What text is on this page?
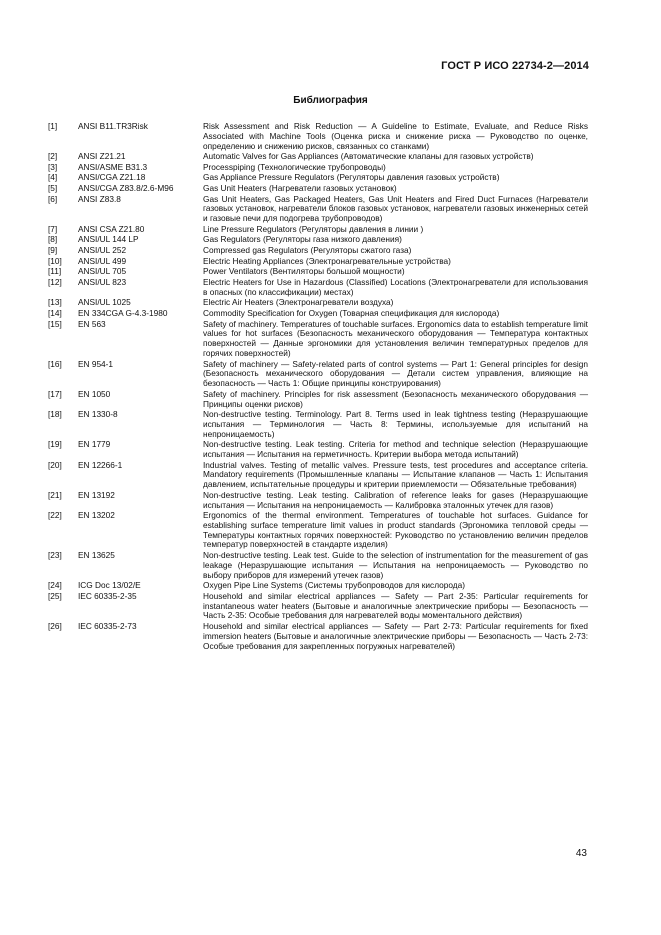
ГОСТ Р ИСО 22734-2—2014
Библиография
[1]	ANSI B11.TR3Risk	Risk Assessment and Risk Reduction — A Guideline to Estimate, Evaluate, and Reduce Risks Associated with Machine Tools (Оценка риска и снижение риска — Руководство по оценке, определению и снижению рисков, связанных со станками)
[2]	ANSI Z21.21	Automatic Valves for Gas Appliances (Автоматические клапаны для газовых устройств)
[3]	ANSI/ASME B31.3	Processpiping (Технологические трубопроводы)
[4]	ANSI/CGA Z21.18	Gas Appliance Pressure Regulators (Регуляторы давления газовых устройств)
[5]	ANSI/CGA Z83.8/2.6-M96	Gas Unit Heaters (Нагреватели газовых установок)
[6]	ANSI Z83.8	Gas Unit Heaters, Gas Packaged Heaters, Gas Unit Heaters and Fired Duct Furnaces (Нагреватели газовых установок, нагреватели блоков газовых установок, нагреватели газовых инженерных сетей и газовые печи для подогрева трубопроводов)
[7]	ANSI CSA Z21.80	Line Pressure Regulators (Регуляторы давления в линии )
[8]	ANSI/UL 144 LP	Gas Regulators (Регуляторы газа низкого давления)
[9]	ANSI/UL 252	Compressed gas Regulators (Регуляторы сжатого газа)
[10] ANSI/UL 499	Electric Heating Appliances (Электронагревательные устройства)
[11] ANSI/UL 705	Power Ventilators (Вентиляторы большой мощности)
[12] ANSI/UL 823	Electric Heaters for Use in Hazardous (Classified) Locations (Электронагреватели для использования в опасных (по классификации) местах)
[13] ANSI/UL 1025	Electric Air Heaters (Электронагреватели воздуха)
[14] EN 334CGA G-4.3-1980	Commodity Specification for Oxygen (Товарная спецификация для кислорода)
[15] EN 563	Safety of machinery. Temperatures of touchable surfaces. Ergonomics data to establish temperature limit values for hot surfaces (Безопасность механического оборудования — Температура контактных поверхностей — Данные эргономики для установления величин температурных пределов для горячих поверхностей)
[16] EN 954-1	Safety of machinery — Safety-related parts of control systems — Part 1: General principles for design (Безопасность механического оборудования — Детали систем управления, влияющие на безопасность — Часть 1: Общие принципы конструирования)
[17] EN 1050	Safety of machinery. Principles for risk assessment (Безопасность механического оборудования — Принципы оценки рисков)
[18] EN 1330-8	Non-destructive testing. Terminology. Part 8. Terms used in leak tightness testing (Неразрушающие испытания — Терминология — Часть 8: Термины, используемые для испытаний на непроницаемость)
[19] EN 1779	Non-destructive testing. Leak testing. Criteria for method and technique selection (Неразрушающие испытания — Испытания на герметичность. Критерии выбора метода испытаний)
[20] EN 12266-1	Industrial valves. Testing of metallic valves. Pressure tests, test procedures and acceptance criteria. Mandatory requirements (Промышленные клапаны — Испытание клапанов — Часть 1: Испытания давлением, испытательные процедуры и критерии приемлемости — Обязательные требования)
[21] EN 13192	Non-destructive testing. Leak testing. Calibration of reference leaks for gases (Неразрушающие испытания — Испытания на непроницаемость — Калибровка эталонных утечек для газов)
[22] EN 13202	Ergonomics of the thermal environment. Temperatures of touchable hot surfaces. Guidance for establishing surface temperature limit values in product standards (Эргономика тепловой среды — Температуры контактных горячих поверхностей: Руководство по установлению величин пределов температур поверхностей в стандарте изделия)
[23] EN 13625	Non-destructive testing. Leak test. Guide to the selection of instrumentation for the measurement of gas leakage (Неразрушающие испытания — Испытания на непроницаемость — Руководство по выбору приборов для измерений утечек газов)
[24] ICG Doc 13/02/E	Oxygen Pipe Line Systems (Системы трубопроводов для кислорода)
[25] IEC 60335-2-35	Household and similar electrical appliances — Safety — Part 2-35: Particular requirements for instantaneous water heaters (Бытовые и аналогичные электрические приборы — Безопасность — Часть 2-35: Особые требования для нагревателей воды моментального действия)
[26] IEC 60335-2-73	Household and similar electrical appliances — Safety — Part 2-73: Particular requirements for fixed immersion heaters (Бытовые и аналогичные электрические приборы — Безопасность — Часть 2-73: Особые требования для закрепленных погружных нагревателей)
43
